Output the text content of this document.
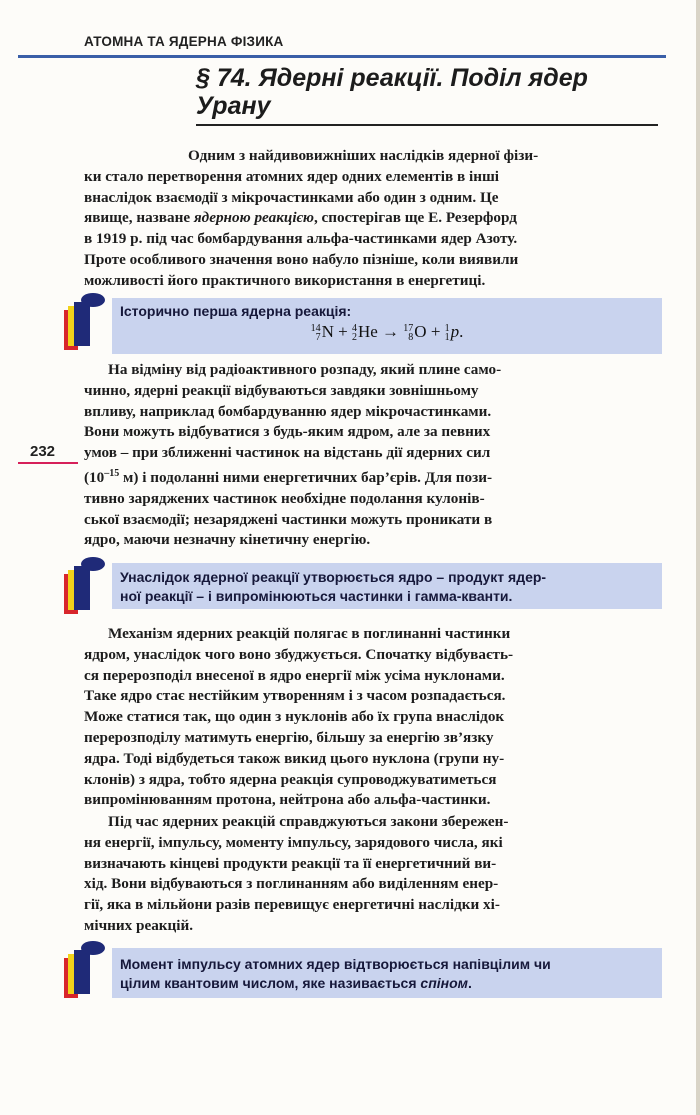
АТОМНА ТА ЯДЕРНА ФІЗИКА
§ 74. Ядерні реакції. Поділ ядер
Урану
Одним з найдивовижніших наслідків ядерної фізи-
ки стало перетворення атомних ядер одних елементів в інші
внаслідок взаємодії з мікрочастинками або один з одним. Це
явище, назване ядерною реакцією, спостерігав ще Е. Резерфорд
в 1919 р. під час бомбардування альфа-частинками ядер Азоту.
Проте особливого значення воно набуло пізніше, коли виявили
можливості його практичного використання в енергетиці.
Історично перша ядерна реакція:
14
7 N + 4
2 He → 17
8 O + 1
1 p.
На відміну від радіоактивного розпаду, який плине само-
чинно, ядерні реакції відбуваються завдяки зовнішньому
впливу, наприклад бомбардуванню ядер мікрочастинками.
Вони можуть відбуватися з будь-яким ядром, але за певних
умов – при зближенні частинок на відстань дії ядерних сил
($10^{-15}$ м) і подоланні ними енергетичних бар’єрів. Для пози-
тивно заряджених частинок необхідне подолання кулонів-
ської взаємодії; незаряджені частинки можуть проникати в
ядро, маючи незначну кінетичну енергію.
232
Унаслідок ядерної реакції утворюється ядро – продукт ядер-
ної реакції – і випромінюються частинки і гамма-кванти.
Механізм ядерних реакцій полягає в поглинанні частинки
ядром, унаслідок чого воно збуджується. Спочатку відбуваєть-
ся перерозподіл внесеної в ядро енергії між усіма нуклонами.
Таке ядро стає нестійким утворенням і з часом розпадається.
Може статися так, що один з нуклонів або їх група внаслідок
перерозподілу матимуть енергію, більшу за енергію зв’язку
ядра. Тоді відбудеться також викид цього нуклона (групи ну-
клонів) з ядра, тобто ядерна реакція супроводжуватиметься
випромінюванням протона, нейтрона або альфа-частинки.
Під час ядерних реакцій справджуються закони збережен-
ня енергії, імпульсу, моменту імпульсу, зарядового числа, які
визначають кінцеві продукти реакції та її енергетичний ви-
хід. Вони відбуваються з поглинанням або виділенням енер-
гії, яка в мільйони разів перевищує енергетичні наслідки хі-
мічних реакцій.
Момент імпульсу атомних ядер відтворюється напівцілим чи
цілим квантовим числом, яке називається спіном.
